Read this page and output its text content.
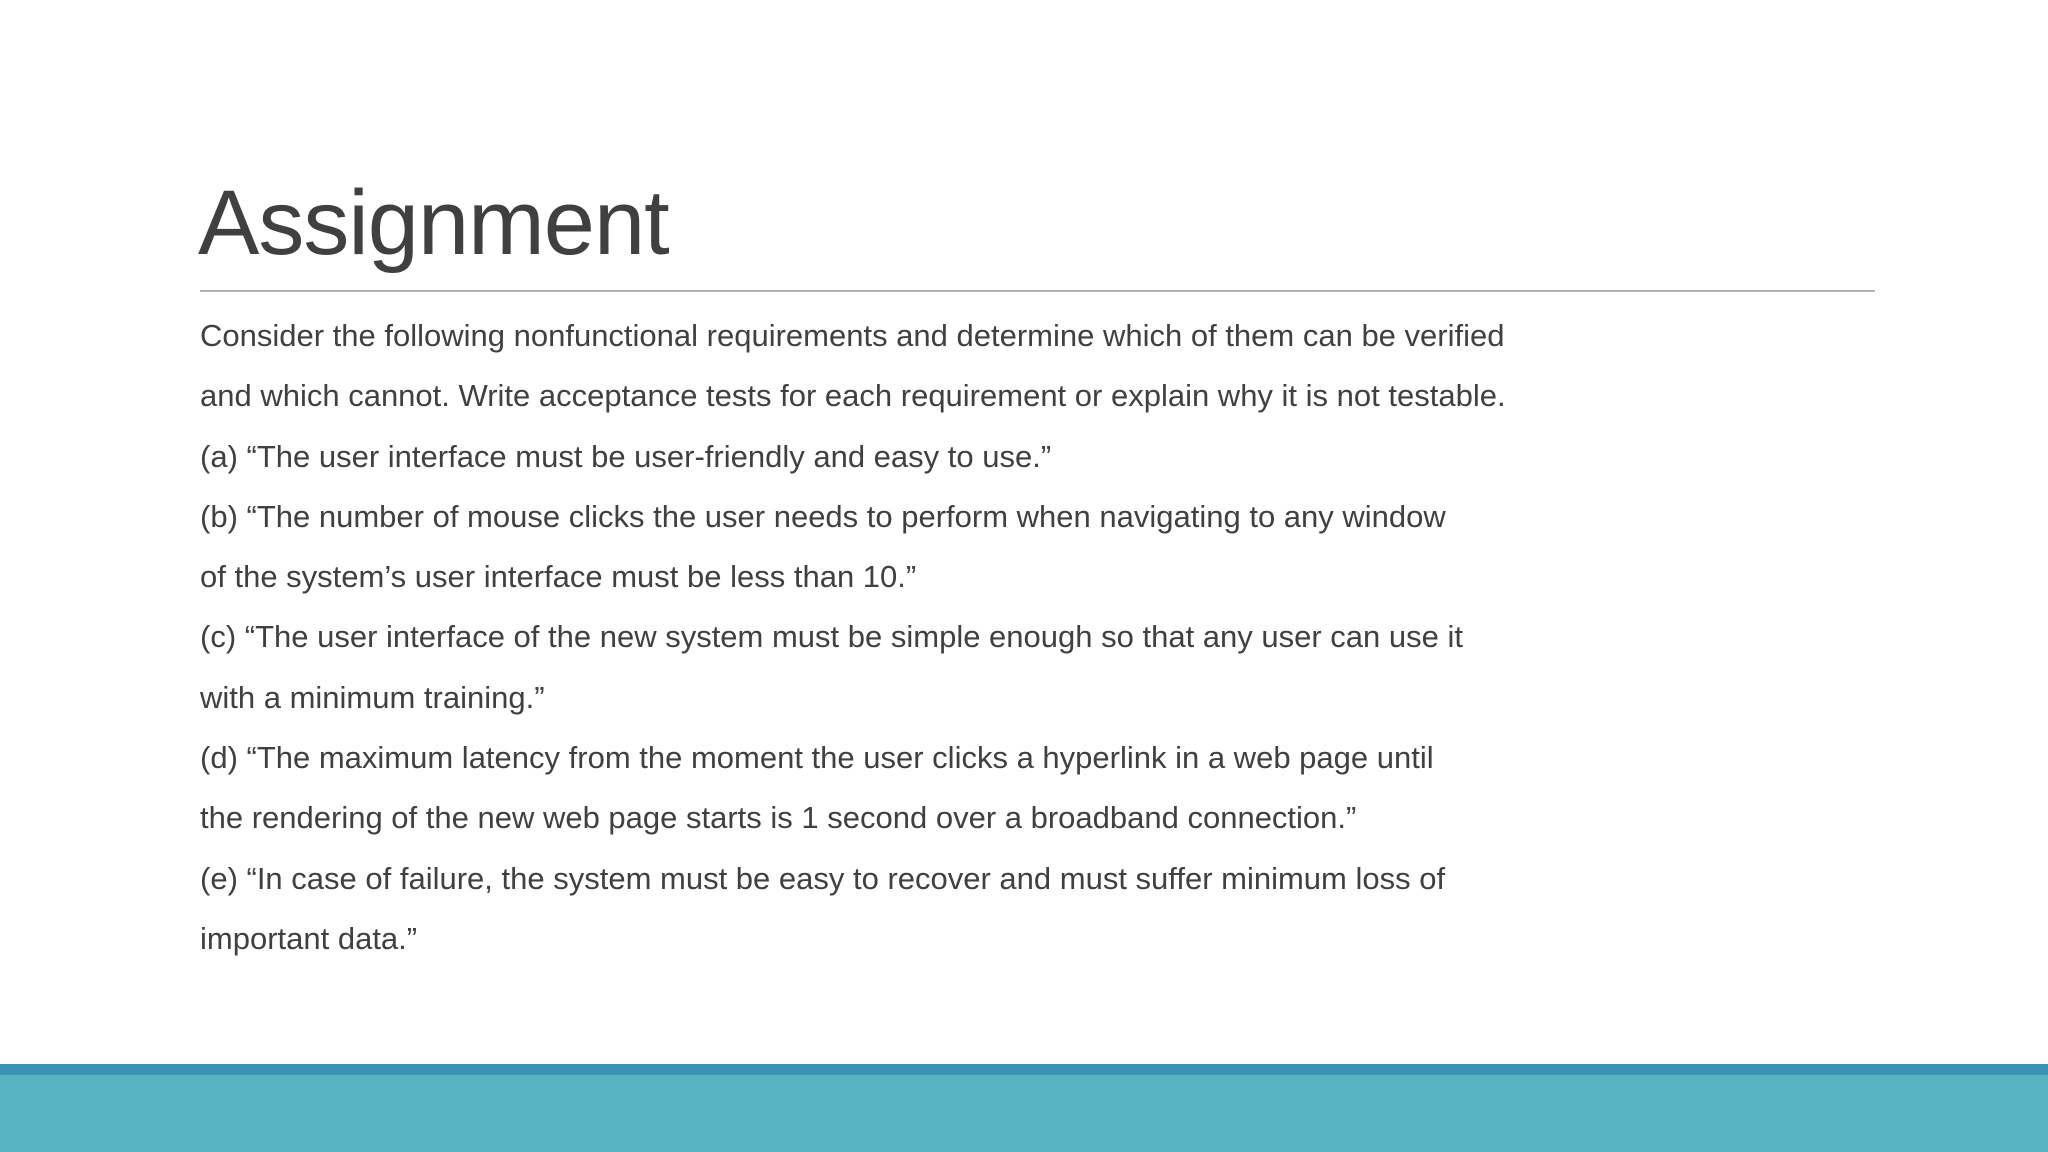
Assignment
Consider the following nonfunctional requirements and determine which of them can be verified
and which cannot. Write acceptance tests for each requirement or explain why it is not testable.
(a) “The user interface must be user-friendly and easy to use.”
(b) “The number of mouse clicks the user needs to perform when navigating to any window
of the system’s user interface must be less than 10.”
(c) “The user interface of the new system must be simple enough so that any user can use it
with a minimum training.”
(d) “The maximum latency from the moment the user clicks a hyperlink in a web page until
the rendering of the new web page starts is 1 second over a broadband connection.”
(e) “In case of failure, the system must be easy to recover and must suffer minimum loss of
important data.”
